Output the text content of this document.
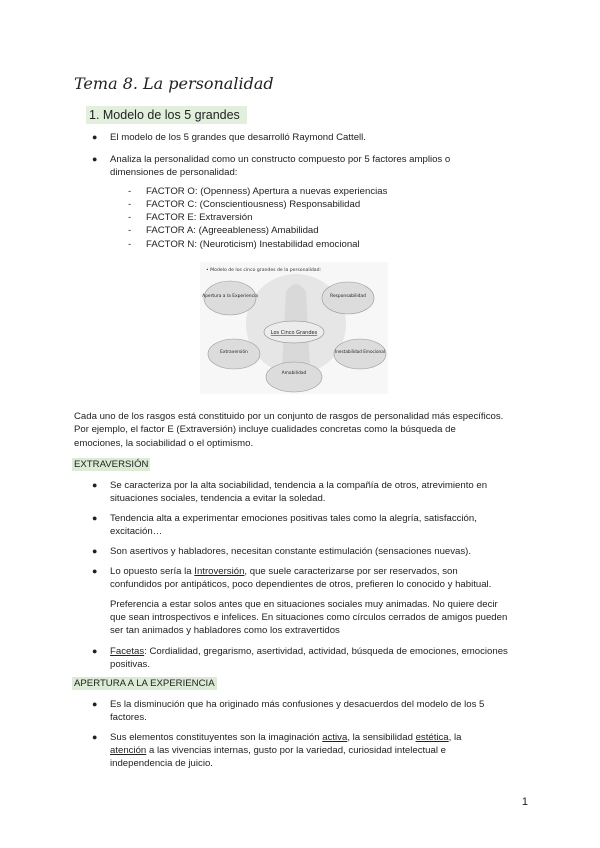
Tema 8. La personalidad
1. Modelo de los 5 grandes
● El modelo de los 5 grandes que desarrolló Raymond Cattell.
● Analiza la personalidad como un constructo compuesto por 5 factores amplios o
dimensiones de personalidad:
- FACTOR O: (Openness) Apertura a nuevas experiencias
- FACTOR C: (Conscientiousness) Responsabilidad
- FACTOR E: Extraversión
- FACTOR A: (Agreeableness) Amabilidad
- FACTOR N: (Neuroticism) Inestabilidad emocional
• Modelo de los cinco grandes de la personalidad:
Apertura a la Experiencia	Responsabilidad
Los Cinco Grandes
Extraversión	Inestabilidad Emocional
Amabilidad
Cada uno de los rasgos está constituido por un conjunto de rasgos de personalidad más específicos.
Por ejemplo, el factor E (Extraversión) incluye cualidades concretas como la búsqueda de
emociones, la sociabilidad o el optimismo.
EXTRAVERSIÓN
● Se caracteriza por la alta sociabilidad, tendencia a la compañía de otros, atrevimiento en
situaciones sociales, tendencia a evitar la soledad.
● Tendencia alta a experimentar emociones positivas tales como la alegría, satisfacción,
excitación…
● Son asertivos y habladores, necesitan constante estimulación (sensaciones nuevas).
● Lo opuesto sería la Introversión, que suele caracterizarse por ser reservados, son
confundidos por antipáticos, poco dependientes de otros, prefieren lo conocido y habitual.
Preferencia a estar solos antes que en situaciones sociales muy animadas. No quiere decir
que sean introspectivos e infelices. En situaciones como círculos cerrados de amigos pueden
ser tan animados y habladores como los extravertidos
● Facetas: Cordialidad, gregarismo, asertividad, actividad, búsqueda de emociones, emociones
positivas.
APERTURA A LA EXPERIENCIA
● Es la disminución que ha originado más confusiones y desacuerdos del modelo de los 5
factores.
● Sus elementos constituyentes son la imaginación activa, la sensibilidad estética, la
atención a las vivencias internas, gusto por la variedad, curiosidad intelectual e
independencia de juicio.
1
